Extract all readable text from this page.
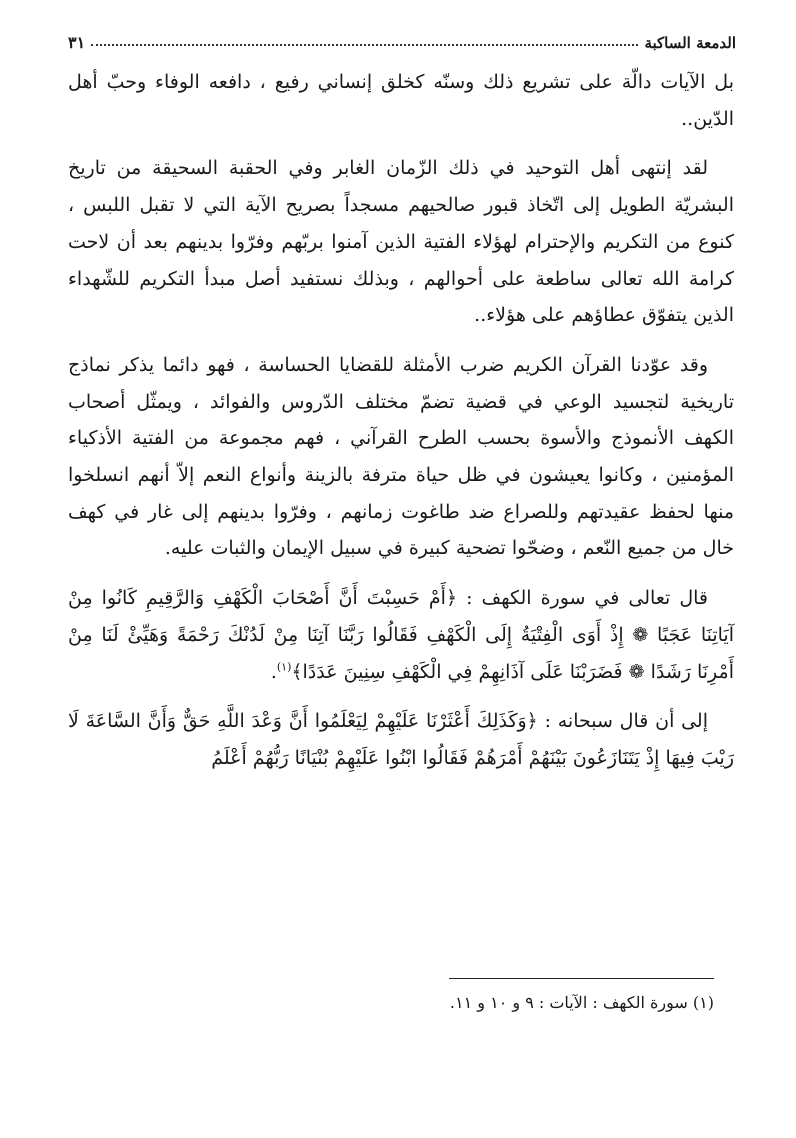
الدمعة الساكبة
٣١

بل الآيات دالّة على تشريع ذلك وسنّه كخلق إنساني رفيع ، دافعه الوفاء وحبّ أهل الدّين..

لقد إنتهى أهل التوحيد في ذلك الزّمان الغابر وفي الحقبة السحيقة من تاريخ البشريّة الطويل إلى اتّخاذ قبور صالحيهم مسجداً بصريح الآية التي لا تقبل اللبس ، كنوع من التكريم والإحترام لهؤلاء الفتية الذين آمنوا بربّهم وفرّوا بدينهم بعد أن لاحت كرامة الله تعالى ساطعة على أحوالهم ، وبذلك نستفيد أصل مبدأ التكريم للشّهداء الذين يتفوّق عطاؤهم على هؤلاء..

وقد عوّدنا القرآن الكريم ضرب الأمثلة للقضايا الحساسة ، فهو دائما يذكر نماذج تاريخية لتجسيد الوعي في قضية تضمّ مختلف الدّروس والفوائد ، ويمثّل أصحاب الكهف الأنموذج والأسوة بحسب الطرح القرآني ، فهم مجموعة من الفتية الأذكياء المؤمنين ، وكانوا يعيشون في ظل حياة مترفة بالزينة وأنواع النعم إلاّ أنهم انسلخوا منها لحفظ عقيدتهم وللصراع ضد طاغوت زمانهم ، وفرّوا بدينهم إلى غار في كهف خال من جميع النّعم ، وضحّوا تضحية كبيرة في سبيل الإيمان والثبات عليه.

قال تعالى في سورة الكهف : ﴿أَمْ حَسِبْتَ أَنَّ أَصْحَابَ الْكَهْفِ وَالرَّقِيمِ كَانُوا مِنْ آيَاتِنَا عَجَبًا ❁ إِذْ أَوَى الْفِتْيَةُ إِلَى الْكَهْفِ فَقَالُوا رَبَّنَا آتِنَا مِنْ لَدُنْكَ رَحْمَةً وَهَيِّئْ لَنَا مِنْ أَمْرِنَا رَشَدًا ❁ فَضَرَبْنَا عَلَى آذَانِهِمْ فِي الْكَهْفِ سِنِينَ عَدَدًا﴾$^{(١)}$.

إلى أن قال سبحانه : ﴿وَكَذَلِكَ أَعْثَرْنَا عَلَيْهِمْ لِيَعْلَمُوا أَنَّ وَعْدَ اللَّهِ حَقٌّ وَأَنَّ السَّاعَةَ لَا رَيْبَ فِيهَا إِذْ يَتَنَازَعُونَ بَيْنَهُمْ أَمْرَهُمْ فَقَالُوا ابْنُوا عَلَيْهِمْ بُنْيَانًا رَبُّهُمْ أَعْلَمُ

(١) سورة الكهف : الآيات : ٩ و ١٠ و ١١.
